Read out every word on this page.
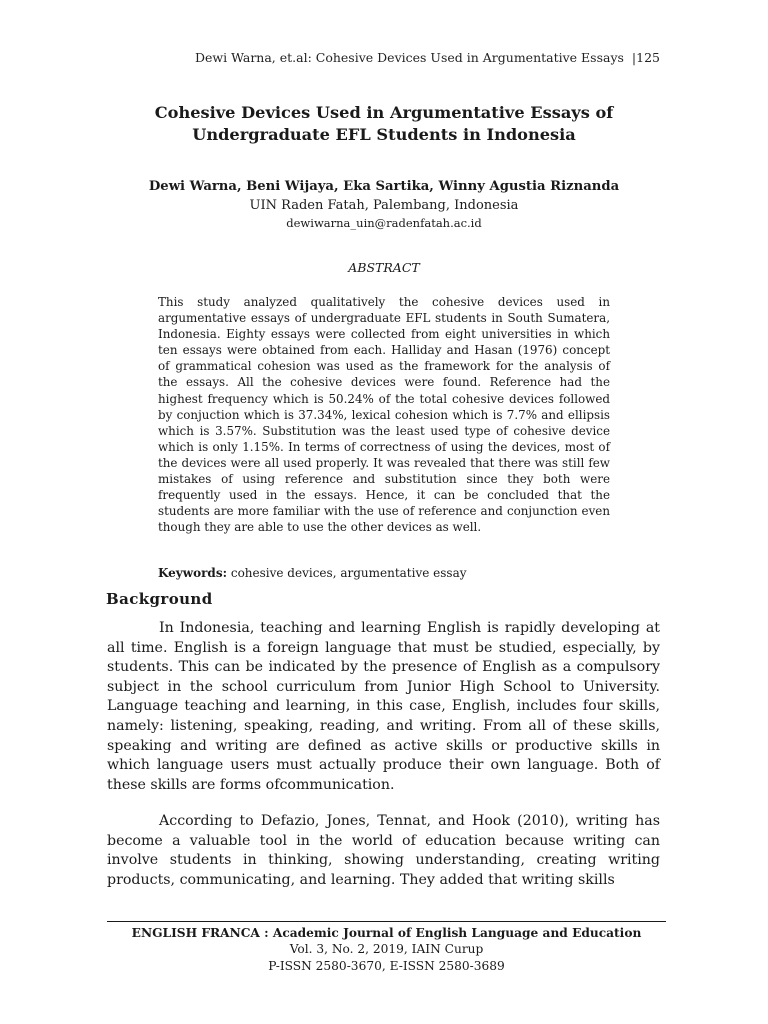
Dewi Warna, et.al: Cohesive Devices Used in Argumentative Essays |125
Cohesive Devices Used in Argumentative Essays of Undergraduate EFL Students in Indonesia
Dewi Warna, Beni Wijaya, Eka Sartika, Winny Agustia Riznanda
UIN Raden Fatah, Palembang, Indonesia
dewiwarna_uin@radenfatah.ac.id
ABSTRACT

This study analyzed qualitatively the cohesive devices used in argumentative essays of undergraduate EFL students in South Sumatera, Indonesia. Eighty essays were collected from eight universities in which ten essays were obtained from each. Halliday and Hasan (1976) concept of grammatical cohesion was used as the framework for the analysis of the essays. All the cohesive devices were found. Reference had the highest frequency which is 50.24% of the total cohesive devices followed by conjuction which is 37.34%, lexical cohesion which is 7.7% and ellipsis which is 3.57%. Substitution was the least used type of cohesive device which is only 1.15%. In terms of correctness of using the devices, most of the devices were all used properly. It was revealed that there was still few mistakes of using reference and substitution since they both were frequently used in the essays. Hence, it can be concluded that the students are more familiar with the use of reference and conjunction even though they are able to use the other devices as well.

Keywords: cohesive devices, argumentative essay
Background

In Indonesia, teaching and learning English is rapidly developing at all time. English is a foreign language that must be studied, especially, by students. This can be indicated by the presence of English as a compulsory subject in the school curriculum from Junior High School to University. Language teaching and learning, in this case, English, includes four skills, namely: listening, speaking, reading, and writing. From all of these skills, speaking and writing are defined as active skills or productive skills in which language users must actually produce their own language. Both of these skills are forms ofcommunication.

According to Defazio, Jones, Tennat, and Hook (2010), writing has become a valuable tool in the world of education because writing can involve students in thinking, showing understanding, creating writing products, communicating, and learning. They added that writing skills

ENGLISH FRANCA : Academic Journal of English Language and Education
Vol. 3, No. 2, 2019, IAIN Curup
P-ISSN 2580-3670, E-ISSN 2580-3689
